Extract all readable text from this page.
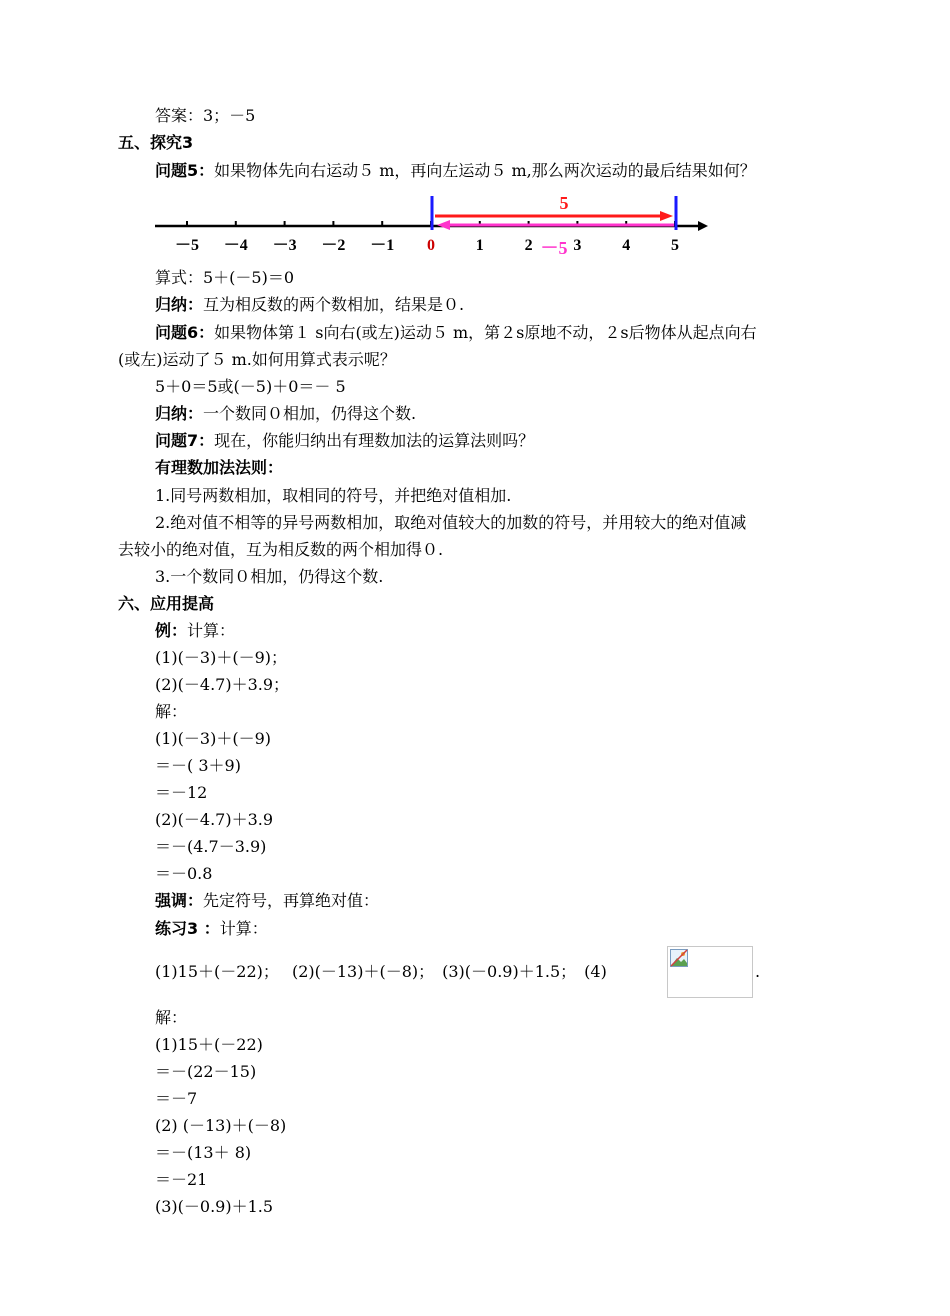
答案：3；－5
五、探究3
问题5：如果物体先向右运动５ m，再向左运动５ m,那么两次运动的最后结果如何？
－5 －4 －3 －2 －1 0	1	2	3	4	5
5
－5
算式：5＋(－5)＝0
归纳：互为相反数的两个数相加，结果是０.
问题6：如果物体第１ s向右(或左)运动５ m，第２s原地不动，２s后物体从起点向右
(或左)运动了５ m.如何用算式表示呢？
5＋0＝5或(－5)＋0＝－ 5
归纳：一个数同０相加，仍得这个数.
问题7：现在，你能归纳出有理数加法的运算法则吗？
有理数加法法则：
1.同号两数相加，取相同的符号，并把绝对值相加.
2.绝对值不相等的异号两数相加，取绝对值较大的加数的符号，并用较大的绝对值减
去较小的绝对值，互为相反数的两个相加得０.
3.一个数同０相加，仍得这个数.
六、应用提高
例：计算：
(1)(－3)＋(－9)；
(2)(－4.7)＋3.9；
解：
(1)(－3)＋(－9)
＝－( 3＋9)
＝－12
(2)(－4.7)＋3.9
＝－(4.7－3.9)
＝－0.8
强调：先定符号，再算绝对值：
练习3 ：计算：
(1)15＋(－22)；　 (2)(－13)＋(－8)；　(3)(－0.9)＋1.5；　(4)	.
解：
(1)15＋(－22)
＝－(22－15)
＝－7
(2) (－13)＋(－8)
＝－(13＋ 8)
＝－21
(3)(－0.9)＋1.5
